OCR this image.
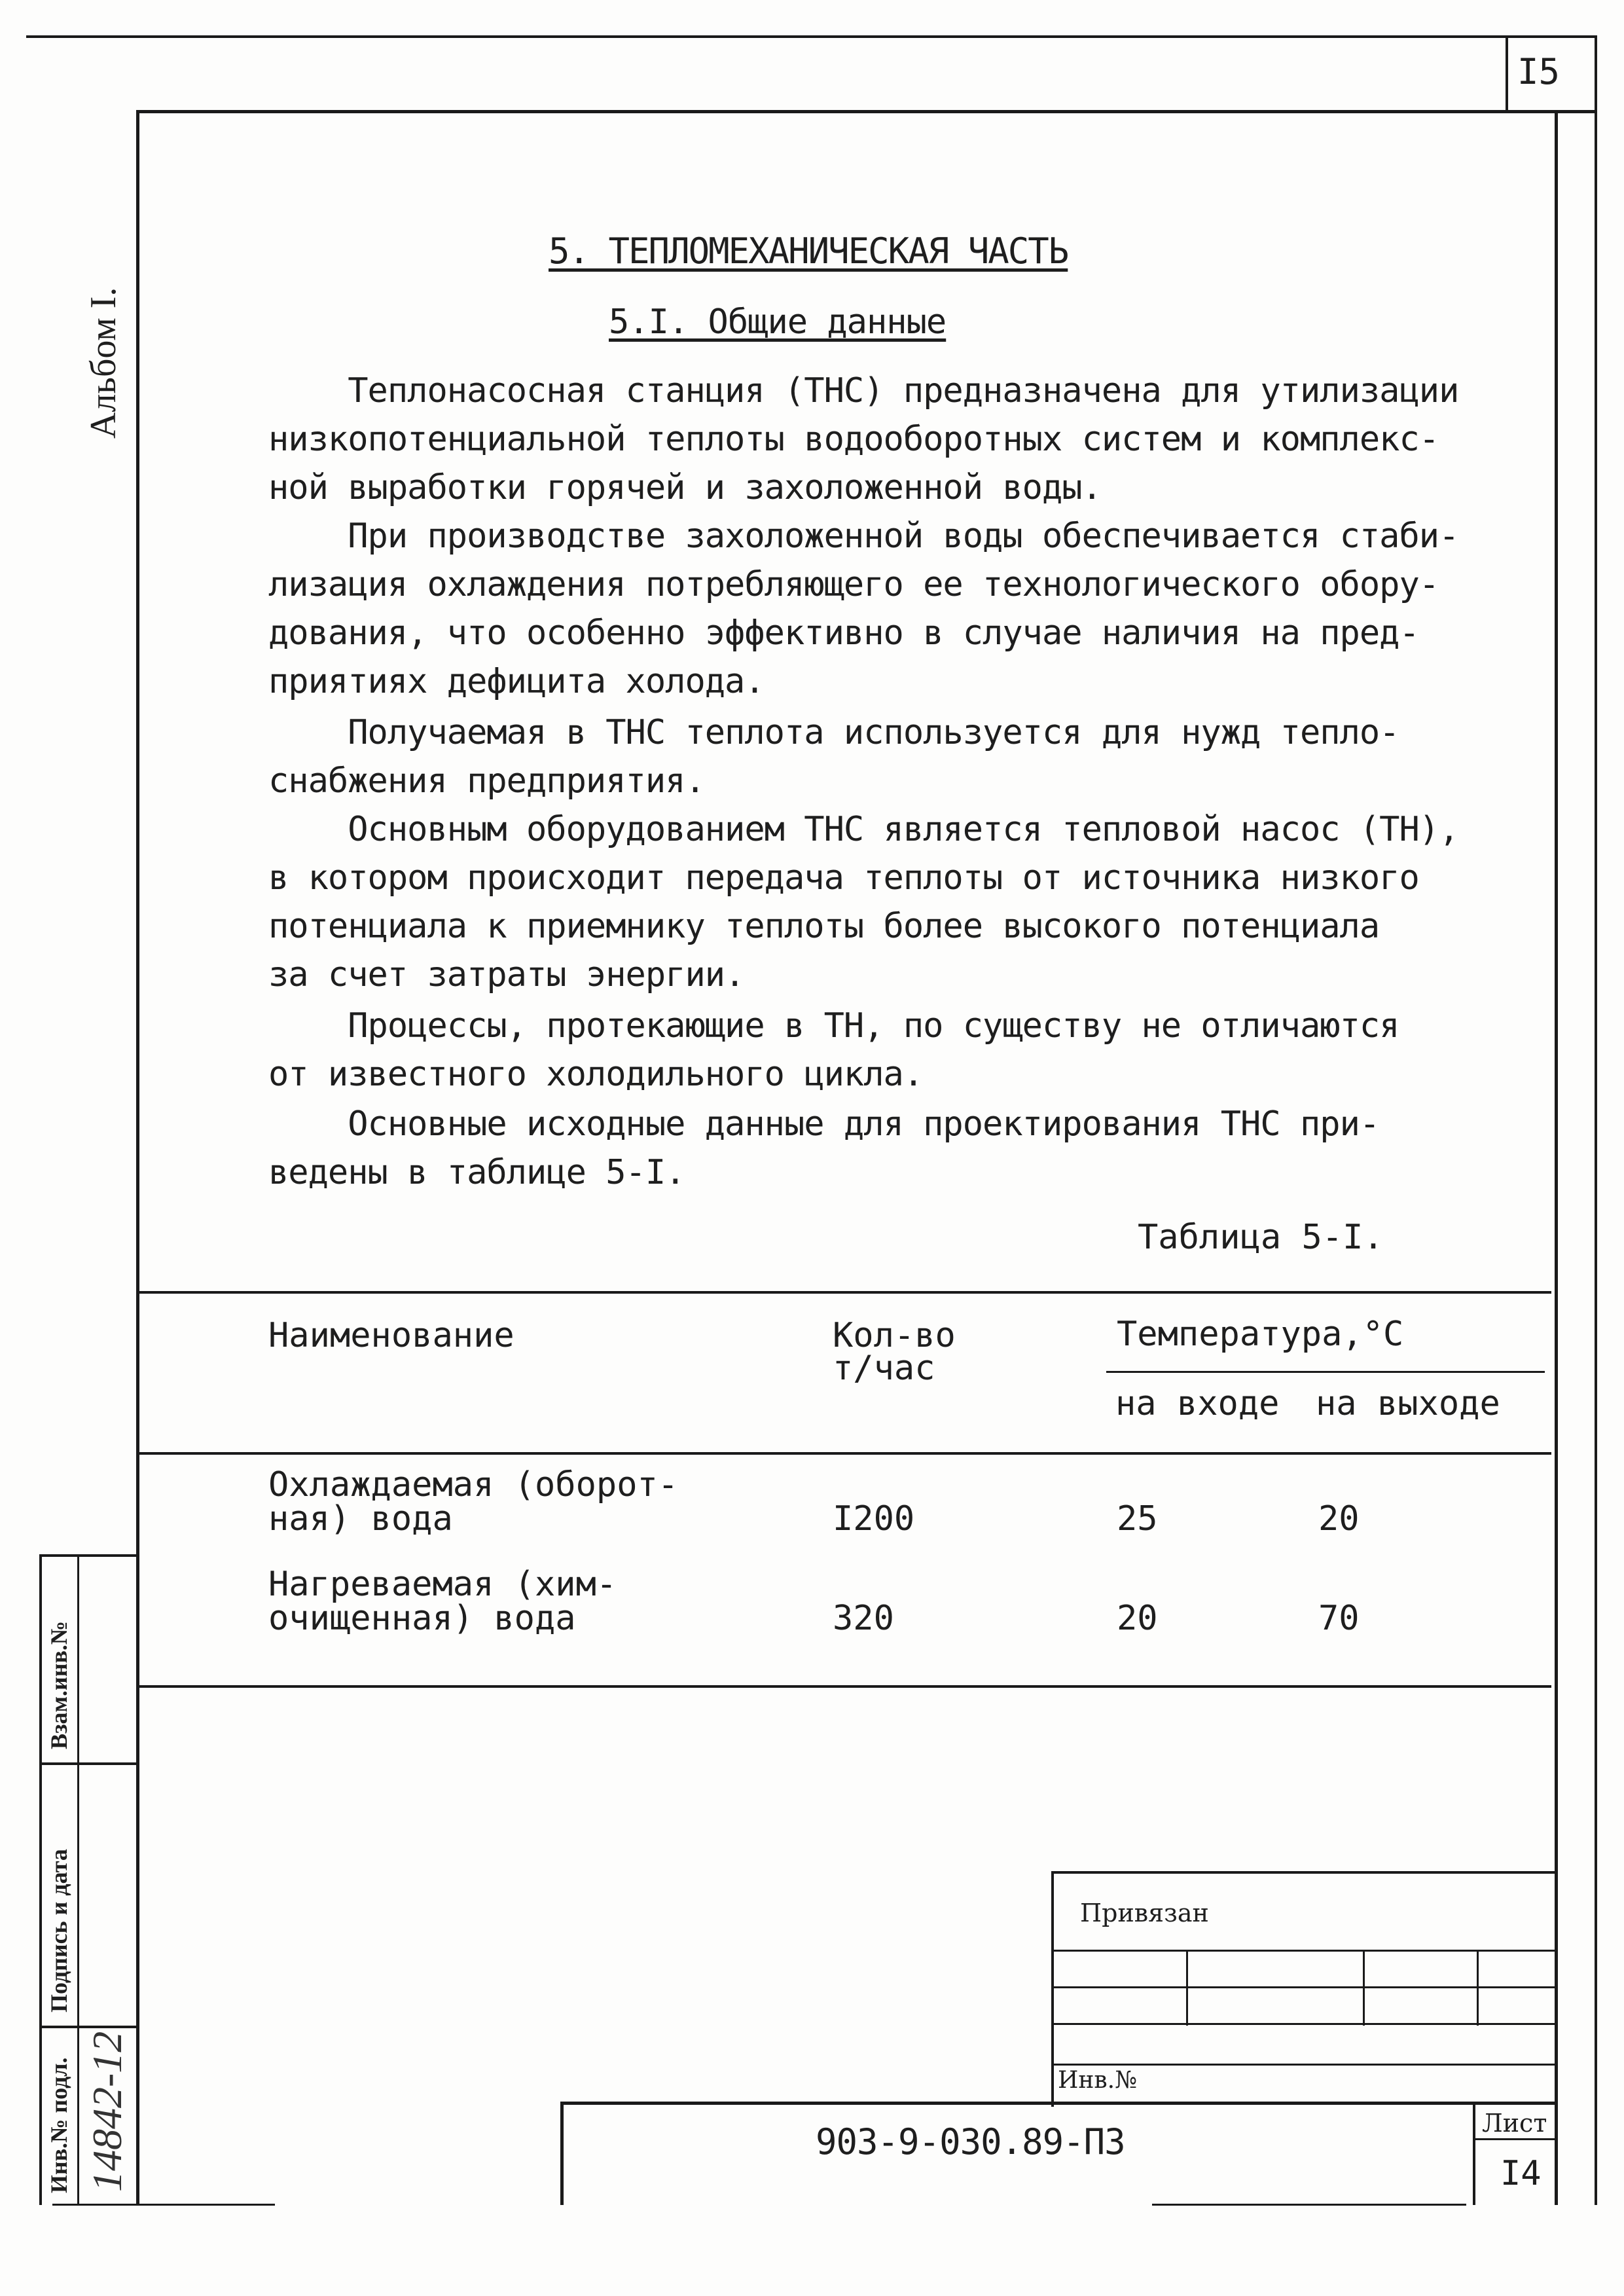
I5
Альбом I.
5. ТЕПЛОМЕХАНИЧЕСКАЯ ЧАСТЬ
5.I. Общие данные
Теплонасосная станция (ТНС) предназначена для утилизации
низкопотенциальной теплоты водооборотных систем и комплекс-
ной выработки горячей и захоложенной воды.
При производстве захоложенной воды обеспечивается стаби-
лизация охлаждения потребляющего ее технологического обору-
дования, что особенно эффективно в случае наличия на пред-
приятиях дефицита холода.
Получаемая в ТНС теплота используется для нужд тепло-
снабжения предприятия.
Основным оборудованием ТНС является тепловой насос (ТН),
в котором происходит передача теплоты от источника низкого
потенциала к приемнику теплоты более высокого потенциала
за счет затраты энергии.
Процессы, протекающие в ТН, по существу не отличаются
от известного холодильного цикла.
Основные исходные данные для проектирования ТНС при-
ведены в таблице 5-I.
Таблица 5-I.
Наименование	Кол-во
т/час
Температура,°С
на входе на выходе
Охлаждаемая (оборот-
ная) вода	I200	25	20
Нагреваемая (хим-
очищенная) вода	320	20	70
Привязан
Инв.№
903-9-030.89-ПЗ	Лист
I4
Взам.инв.№
Подпись и дата
Инв.№ подл. 14842-12
